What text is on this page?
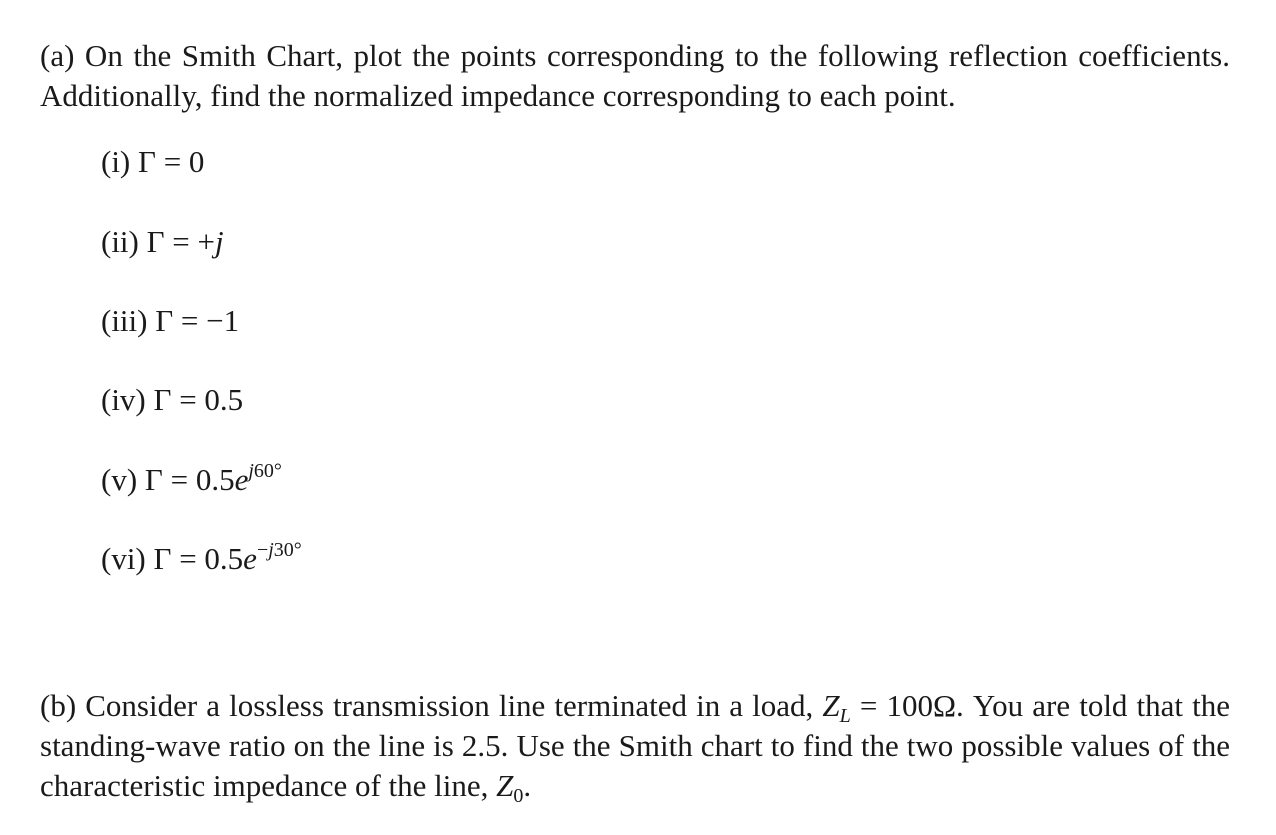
(a) On the Smith Chart, plot the points corresponding to the following reflection coefficients. Additionally, find the normalized impedance corresponding to each point.
(i) Γ = 0
(ii) Γ = +j
(iii) Γ = −1
(iv) Γ = 0.5
(v) $\Gamma = 0.5e^{j60^\circ}$
(vi) $\Gamma = 0.5e^{-j30^\circ}$
(b) Consider a lossless transmission line terminated in a load, $Z_L = 100\Omega$. You are told that the standing-wave ratio on the line is 2.5. Use the Smith chart to find the two possible values of the characteristic impedance of the line, $Z_0$.
